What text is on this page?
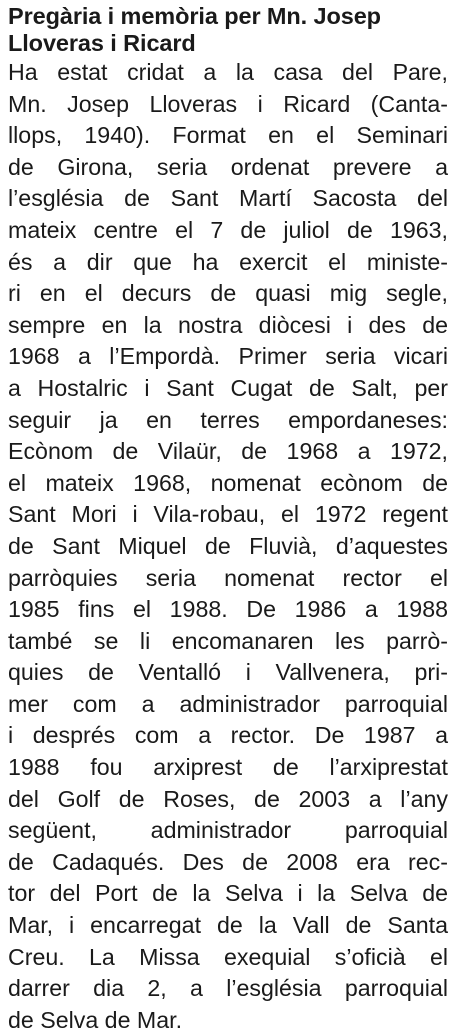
Pregària i memòria per Mn. Josep
Lloveras i Ricard
Ha estat cridat a la casa del Pare,
Mn. Josep Lloveras i Ricard (Canta-
llops, 1940). Format en el Seminari
de Girona, seria ordenat prevere a
l’església de Sant Martí Sacosta del
mateix centre el 7 de juliol de 1963,
és a dir que ha exercit el ministe-
ri en el decurs de quasi mig segle,
sempre en la nostra diòcesi i des de
1968 a l’Empordà. Primer seria vicari
a Hostalric i Sant Cugat de Salt, per
seguir ja en terres empordaneses:
Ecònom de Vilaür, de 1968 a 1972,
el mateix 1968, nomenat ecònom de
Sant Mori i Vila-robau, el 1972 regent
de Sant Miquel de Fluvià, d’aquestes
parròquies seria nomenat rector el
1985 fins el 1988. De 1986 a 1988
també se li encomanaren les parrò-
quies de Ventalló i Vallvenera, pri-
mer com a administrador parroquial
i després com a rector. De 1987 a
1988 fou arxiprest de l’arxiprestat
del Golf de Roses, de 2003 a l’any
següent, administrador parroquial
de Cadaqués. Des de 2008 era rec-
tor del Port de la Selva i la Selva de
Mar, i encarregat de la Vall de Santa
Creu. La Missa exequial s’oficià el
darrer dia 2, a l’església parroquial
de Selva de Mar.
